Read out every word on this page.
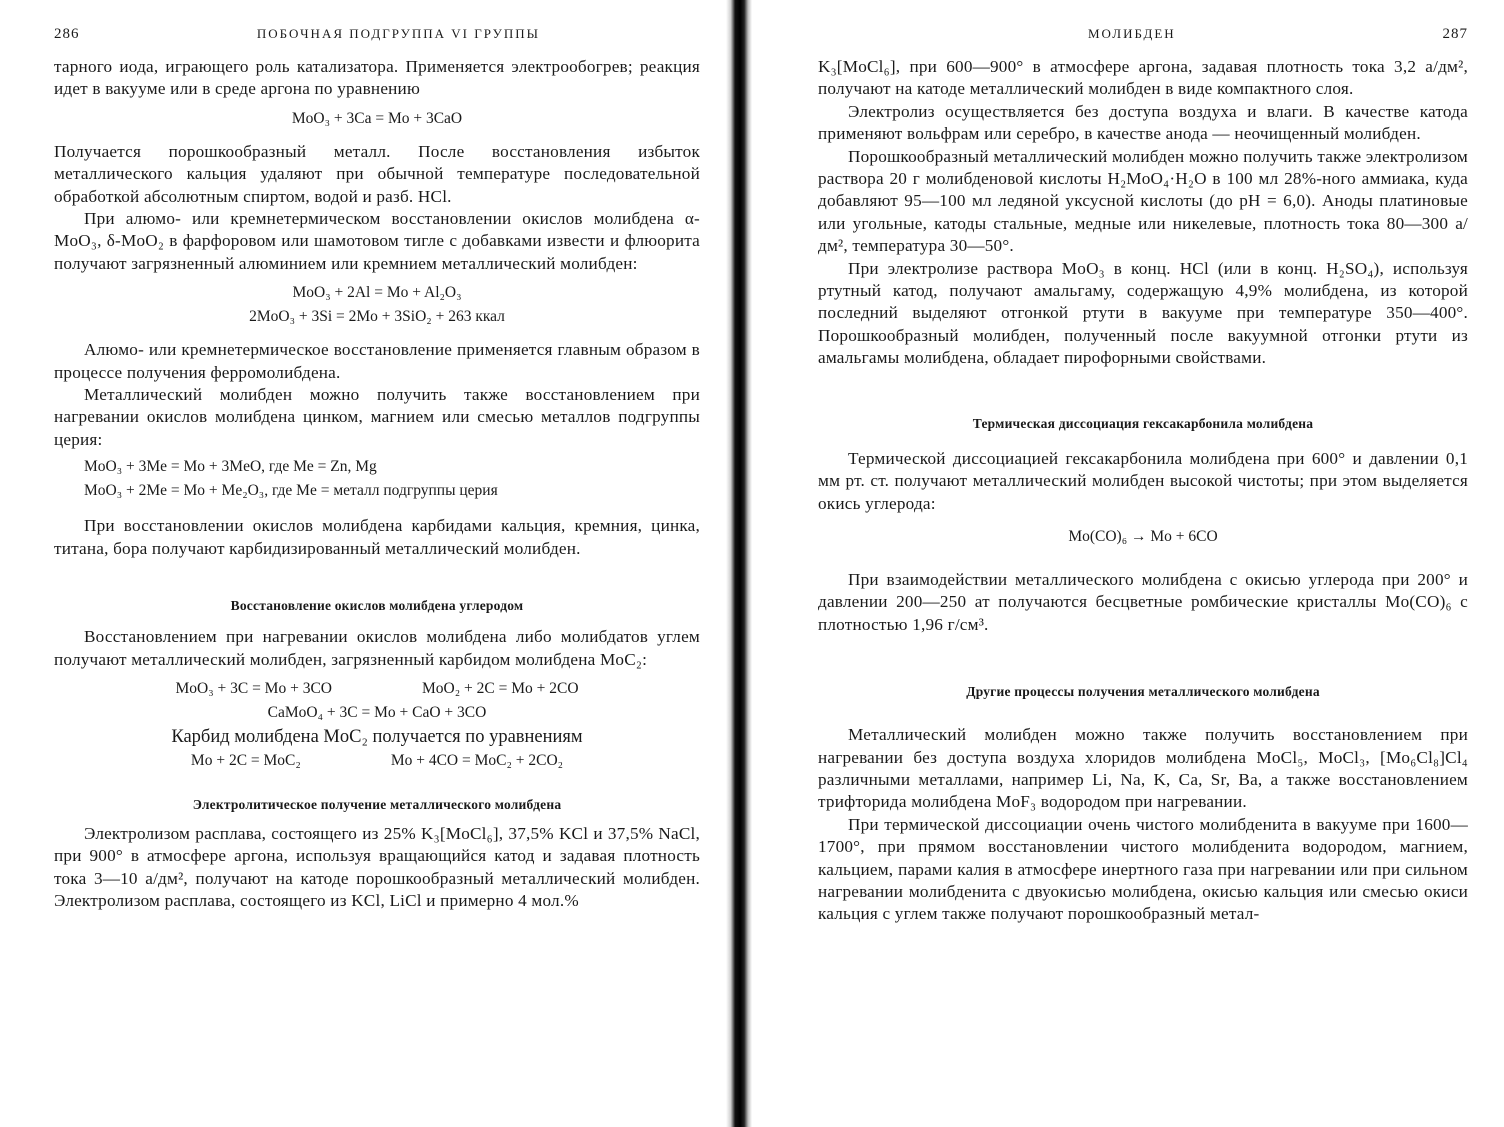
286	ПОБОЧНАЯ ПОДГРУППА VI ГРУППЫ

тарного иода, играющего роль катализатора. Применяется электрообогрев; реакция идет в вакууме или в среде аргона по уравнению

MoO₃ + 3Ca = Mo + 3CaO

Получается порошкообразный металл. После восстановления избыток металлического кальция удаляют при обычной температуре последовательной обработкой абсолютным спиртом, водой и разб. HCl.

При алюмо- или кремнетермическом восстановлении окислов молибдена α-MoO₃, δ-MoO₂ в фарфоровом или шамотовом тигле с добавками извести и флюорита получают загрязненный алюминием или кремнием металлический молибден:

MoO₃ + 2Al = Mo + Al₂O₃
2MoO₃ + 3Si = 2Mo + 3SiO₂ + 263 ккал

Алюмо- или кремнетермическое восстановление применяется главным образом в процессе получения ферромолибдена.

Металлический молибден можно получить также восстановлением при нагревании окислов молибдена цинком, магнием или смесью металлов подгруппы церия:

MoO₃ + 3Me = Mo + 3MeO, где Me = Zn, Mg
MoO₃ + 2Me = Mo + Me₂O₃, где Me = металл подгруппы церия

При восстановлении окислов молибдена карбидами кальция, кремния, цинка, титана, бора получают карбидизированный металлический молибден.

Восстановление окислов молибдена углеродом

Восстановлением при нагревании окислов молибдена либо молибдатов углем получают металлический молибден, загрязненный карбидом молибдена MoC₂:

MoO₃ + 3C = Mo + 3CO	MoO₂ + 2C = Mo + 2CO
CaMoO₄ + 3C = Mo + CaO + 3CO
Карбид молибдена MoC₂ получается по уравнениям
Mo + 2C = MoC₂	Mo + 4CO = MoC₂ + 2CO₂
Электролитическое получение металлического молибдена

Электролизом расплава, состоящего из 25% K₃[MoCl₆], 37,5% KCl и 37,5% NaCl, при 900° в атмосфере аргона, используя вращающийся катод и задавая плотность тока 3—10 а/дм², получают на катоде порошкообразный металлический молибден. Электролизом расплава, состоящего из KCl, LiCl и примерно 4 мол.%

МОЛИБДЕН	287

K₃[MoCl₆], при 600—900° в атмосфере аргона, задавая плотность тока 3,2 а/дм², получают на катоде металлический молибден в виде компактного слоя.

Электролиз осуществляется без доступа воздуха и влаги. В качестве катода применяют вольфрам или серебро, в качестве анода — неочищенный молибден.

Порошкообразный металлический молибден можно получить также электролизом раствора 20 г молибденовой кислоты H₂MoO₄·H₂O в 100 мл 28%-ного аммиака, куда добавляют 95—100 мл ледяной уксусной кислоты (до pH = 6,0). Аноды платиновые или угольные, катоды стальные, медные или никелевые, плотность тока 80—300 а/дм², температура 30—50°.

При электролизе раствора MoO₃ в конц. HCl (или в конц. H₂SO₄), используя ртутный катод, получают амальгаму, содержащую 4,9% молибдена, из которой последний выделяют отгонкой ртути в вакууме при температуре 350—400°. Порошкообразный молибден, полученный после вакуумной отгонки ртути из амальгамы молибдена, обладает пирофорными свойствами.

Термическая диссоциация гексакарбонила молибдена

Термической диссоциацией гексакарбонила молибдена при 600° и давлении 0,1 мм рт. ст. получают металлический молибден высокой чистоты; при этом выделяется окись углерода:

Mo(CO)₆ → Mo + 6CO

При взаимодействии металлического молибдена с окисью углерода при 200° и давлении 200—250 ат получаются бесцветные ромбические кристаллы Mo(CO)₆ с плотностью 1,96 г/см³.

Другие процессы получения металлического молибдена

Металлический молибден можно также получить восстановлением при нагревании без доступа воздуха хлоридов молибдена MoCl₅, MoCl₃, [Mo₆Cl₈]Cl₄ различными металлами, например Li, Na, K, Ca, Sr, Ba, а также восстановлением трифторида молибдена MoF₃ водородом при нагревании.

При термической диссоциации очень чистого молибденита в вакууме при 1600—1700°, при прямом восстановлении чистого молибденита водородом, магнием, кальцием, парами калия в атмосфере инертного газа при нагревании или при сильном нагревании молибденита с двуокисью молибдена, окисью кальция или смесью окиси кальция с углем также получают порошкообразный метал-
